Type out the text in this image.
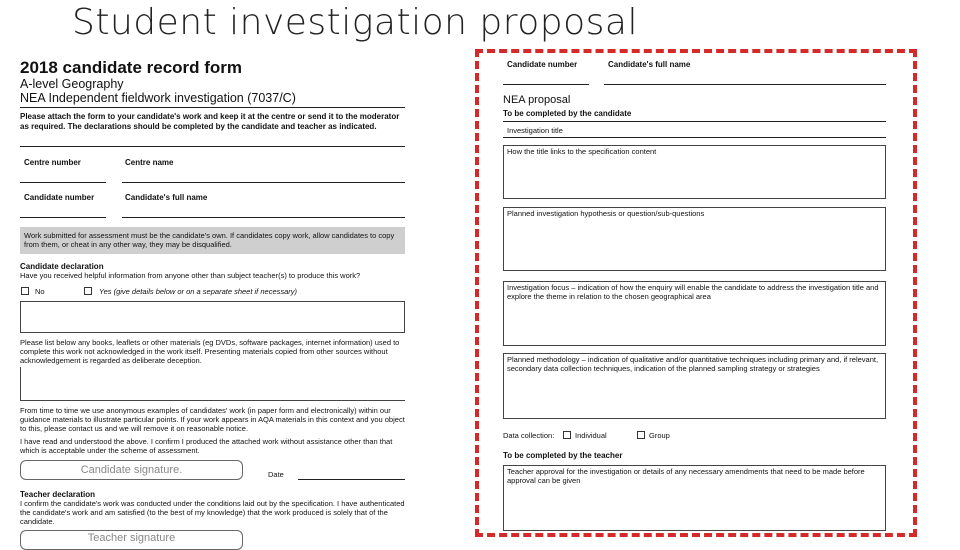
Student investigation proposal
2018 candidate record form
A-level Geography
NEA Independent fieldwork investigation (7037/C)
Please attach the form to your candidate's work and keep it at the centre or send it to the moderator as required. The declarations should be completed by the candidate and teacher as indicated.
Centre number	Centre name
Candidate number	Candidate's full name
Work submitted for assessment must be the candidate's own. If candidates copy work, allow candidates to copy from them, or cheat in any other way, they may be disqualified.
Candidate declaration
Have you received helpful information from anyone other than subject teacher(s) to produce this work?
No	Yes (give details below or on a separate sheet if necessary)
Please list below any books, leaflets or other materials (eg DVDs, software packages, internet information) used to complete this work not acknowledged in the work itself. Presenting materials copied from other sources without acknowledgement is regarded as deliberate deception.
From time to time we use anonymous examples of candidates' work (in paper form and electronically) within our guidance materials to illustrate particular points. If your work appears in AQA materials in this context and you object to this, please contact us and we will remove it on reasonable notice.
I have read and understood the above. I confirm I produced the attached work without assistance other than that which is acceptable under the scheme of assessment.
Candidate signature.	Date
Teacher declaration
I confirm the candidate's work was conducted under the conditions laid out by the specification. I have authenticated the candidate's work and am satisfied (to the best of my knowledge) that the work produced is solely that of the candidate.
Teacher signature
Candidate number	Candidate's full name
NEA proposal
To be completed by the candidate
Investigation title
How the title links to the specification content
Planned investigation hypothesis or question/sub-questions
Investigation focus – indication of how the enquiry will enable the candidate to address the investigation title and explore the theme in relation to the chosen geographical area
Planned methodology – indication of qualitative and/or quantitative techniques including primary and, if relevant, secondary data collection techniques, indication of the planned sampling strategy or strategies
Data collection:	Individual	Group
To be completed by the teacher
Teacher approval for the investigation or details of any necessary amendments that need to be made before approval can be given
